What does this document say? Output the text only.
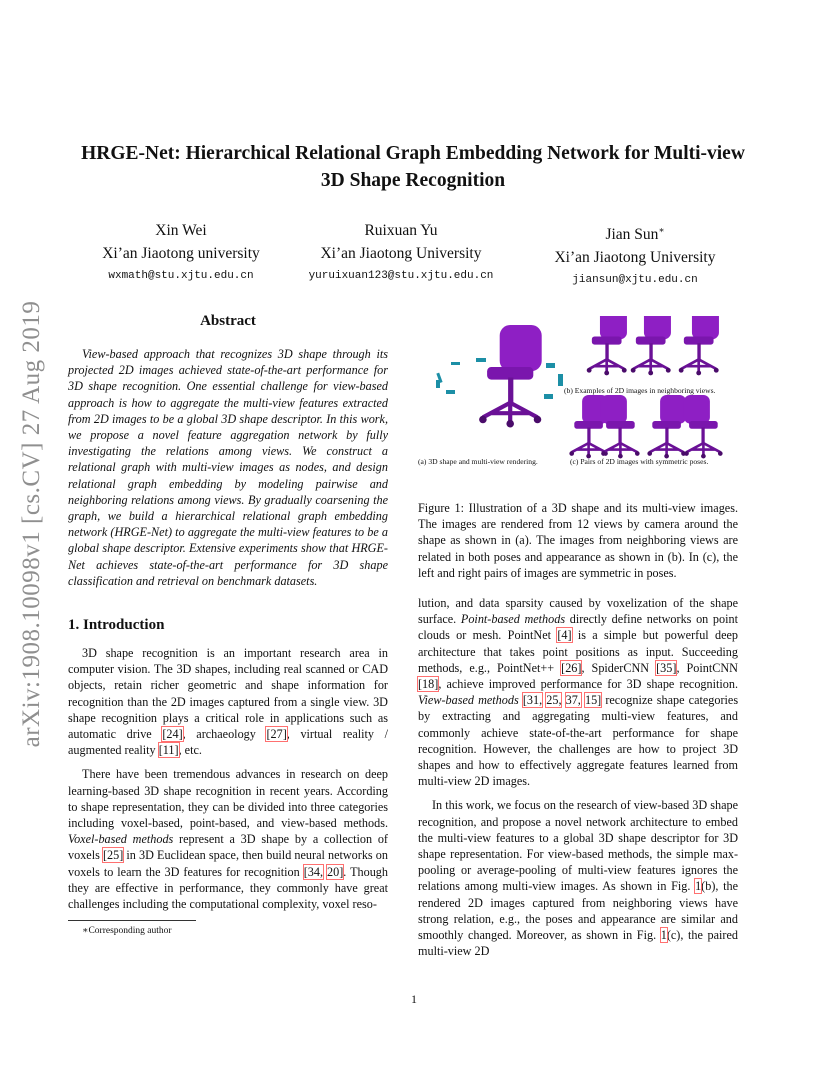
arXiv:1908.10098v1 [cs.CV] 27 Aug 2019
HRGE-Net: Hierarchical Relational Graph Embedding Network for Multi-view
3D Shape Recognition
Xin Wei
Xi’an Jiaotong university
wxmath@stu.xjtu.edu.cn
Ruixuan Yu
Xi’an Jiaotong University
yuruixuan123@stu.xjtu.edu.cn
Jian Sun∗
Xi’an Jiaotong University
jiansun@xjtu.edu.cn
Abstract

View-based approach that recognizes 3D shape through its projected 2D images achieved state-of-the-art performance for 3D shape recognition. One essential challenge for view-based approach is how to aggregate the multi-view features extracted from 2D images to be a global 3D shape descriptor. In this work, we propose a novel feature aggregation network by fully investigating the relations among views. We construct a relational graph with multi-view images as nodes, and design relational graph embedding by modeling pairwise and neighboring relations among views. By gradually coarsening the graph, we build a hierarchical relational graph embedding network (HRGE-Net) to aggregate the multi-view features to be a global shape descriptor. Extensive experiments show that HRGE-Net achieves state-of-the-art performance for 3D shape classification and retrieval on benchmark datasets.

1. Introduction

3D shape recognition is an important research area in computer vision. The 3D shapes, including real scanned or CAD objects, retain richer geometric and shape information for recognition than the 2D images captured from a single view. 3D shape recognition plays a critical role in applications such as automatic drive [24], archaeology [27], virtual reality / augmented reality [11], etc.

There have been tremendous advances in research on deep learning-based 3D shape recognition in recent years. According to shape representation, they can be divided into three categories including voxel-based, point-based, and view-based methods. Voxel-based methods represent a 3D shape by a collection of voxels [25] in 3D Euclidean space, then build neural networks on voxels to learn the 3D features for recognition [34, 20]. Though they are effective in performance, they commonly have great challenges including the computational complexity, voxel reso-

∗Corresponding author

(a) 3D shape and multi-view rendering.
(b) Examples of 2D images in neighboring views.
(c) Pairs of 2D images with symmetric poses.

Figure 1: Illustration of a 3D shape and its multi-view images. The images are rendered from 12 views by camera around the shape as shown in (a). The images from neighboring views are related in both poses and appearance as shown in (b). In (c), the left and right pairs of images are symmetric in poses.

lution, and data sparsity caused by voxelization of the shape surface. Point-based methods directly define networks on point clouds or mesh. PointNet [4] is a simple but powerful deep architecture that takes point positions as input. Succeeding methods, e.g., PointNet++ [26], SpiderCNN [35], PointCNN [18], achieve improved performance for 3D shape recognition. View-based methods [31, 25, 37, 15] recognize shape categories by extracting and aggregating multi-view features, and commonly achieve state-of-the-art performance for shape recognition. However, the challenges are how to project 3D shapes and how to effectively aggregate features learned from multi-view 2D images.

In this work, we focus on the research of view-based 3D shape recognition, and propose a novel network architecture to embed the multi-view features to a global 3D shape descriptor for 3D shape representation. For view-based methods, the simple max-pooling or average-pooling of multi-view features ignores the relations among multi-view images. As shown in Fig. 1(b), the rendered 2D images captured from neighboring views have strong relation, e.g., the poses and appearance are similar and smoothly changed. Moreover, as shown in Fig. 1(c), the paired multi-view 2D

1
